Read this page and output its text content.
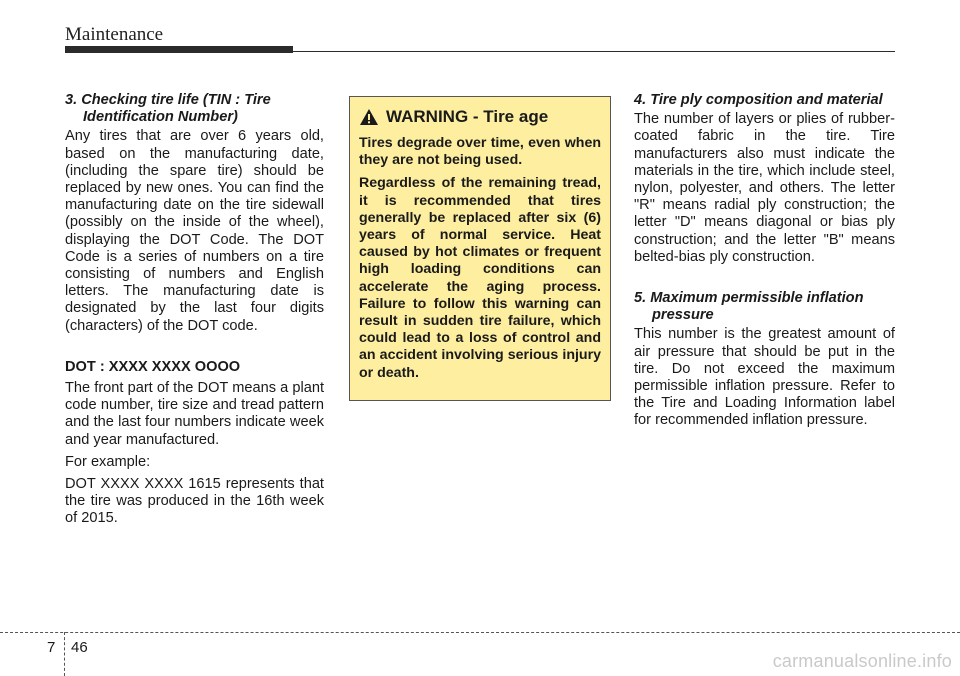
Maintenance

3. Checking tire life (TIN : Tire Identification Number)

Any tires that are over 6 years old, based on the manufacturing date, (including the spare tire) should be replaced by new ones. You can find the manufacturing date on the tire sidewall (possibly on the inside of the wheel), displaying the DOT Code. The DOT Code is a series of numbers on a tire consisting of numbers and English letters. The manufacturing date is designated by the last four digits (characters) of the DOT code.

DOT : XXXX XXXX OOOO

The front part of the DOT means a plant code number, tire size and tread pattern and the last four numbers indicate week and year manufactured.

For example:

DOT XXXX XXXX 1615 represents that the tire was produced in the 16th week of 2015.

WARNING - Tire age

Tires degrade over time, even when they are not being used.

Regardless of the remaining tread, it is recommended that tires generally be replaced after six (6) years of normal service. Heat caused by hot climates or frequent high loading conditions can accelerate the aging process. Failure to follow this warning can result in sudden tire failure, which could lead to a loss of control and an accident involving serious injury or death.

4. Tire ply composition and material

The number of layers or plies of rubber-coated fabric in the tire. Tire manufacturers also must indicate the materials in the tire, which include steel, nylon, polyester, and others. The letter "R" means radial ply construction; the letter "D" means diagonal or bias ply construction; and the letter "B" means belted-bias ply construction.

5. Maximum permissible inflation pressure

This number is the greatest amount of air pressure that should be put in the tire. Do not exceed the maximum permissible inflation pressure. Refer to the Tire and Loading Information label for recommended inflation pressure.

7 46
carmanualsonline.info
